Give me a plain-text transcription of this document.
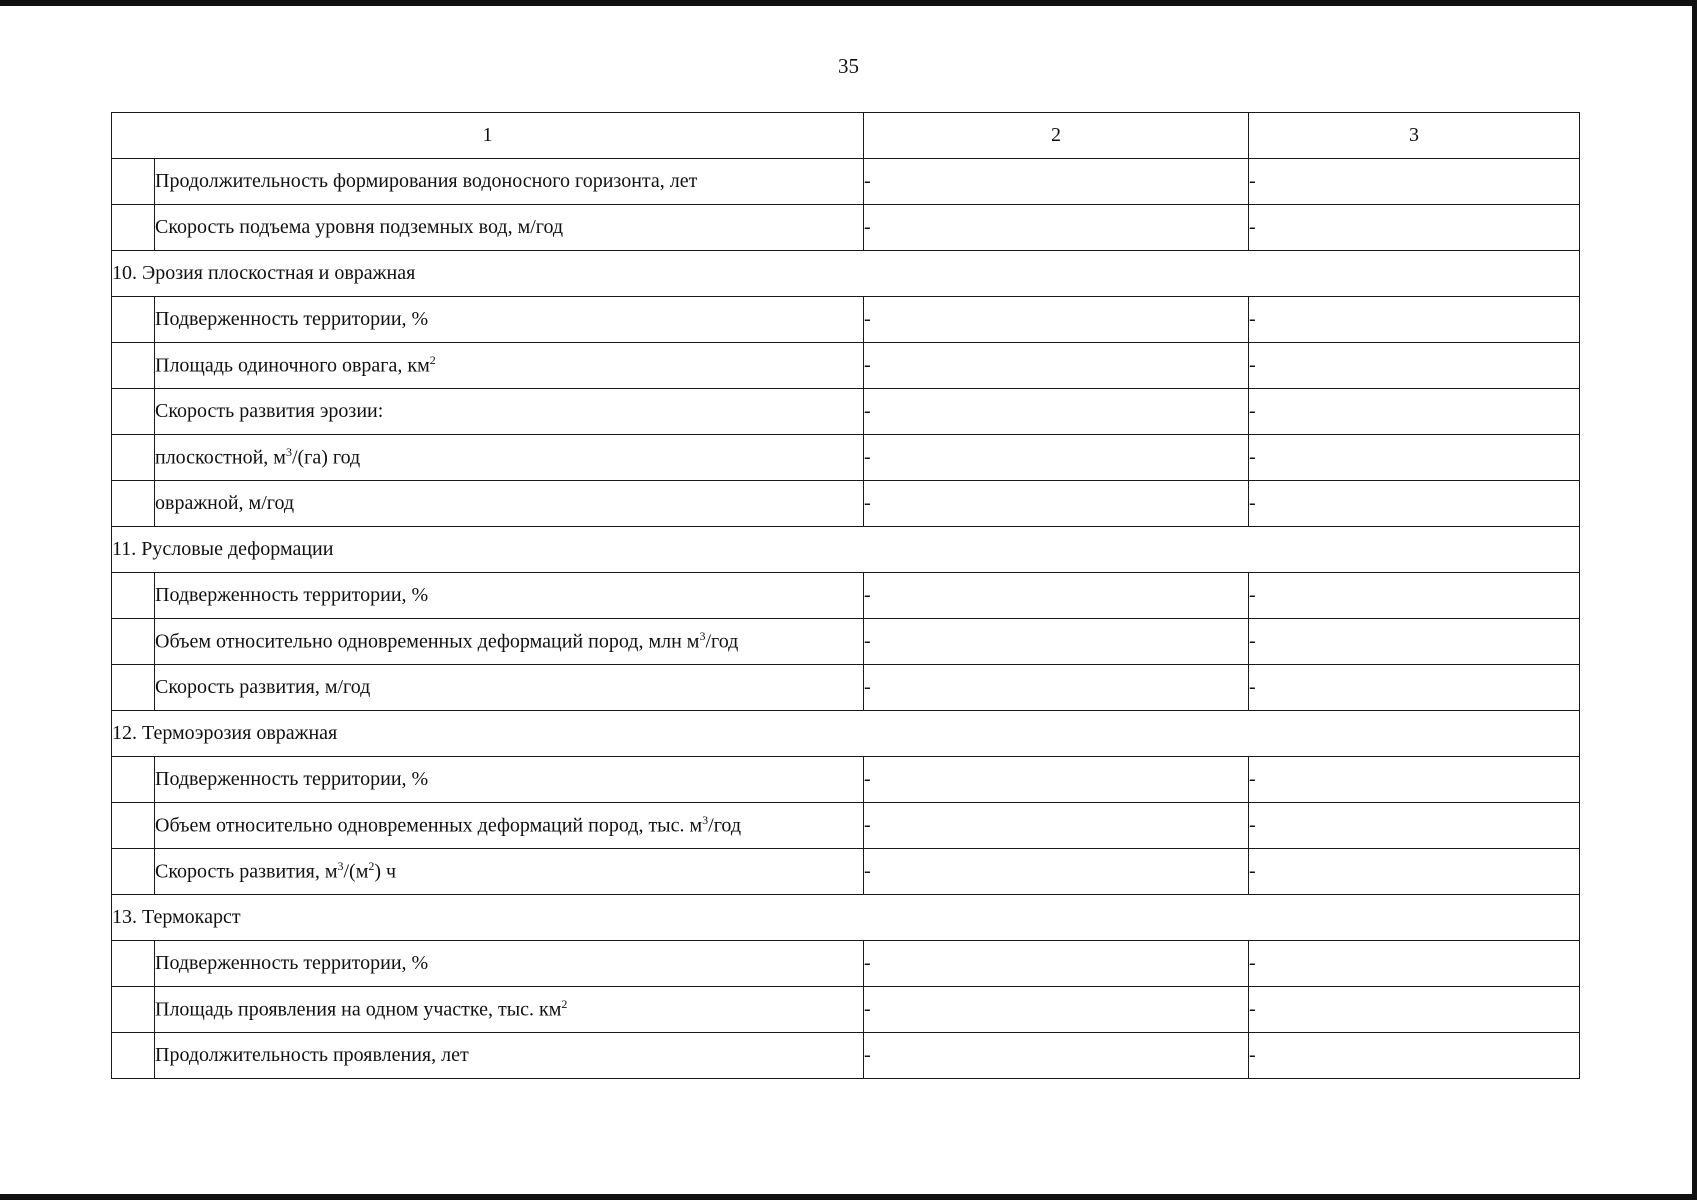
35
1		2	3
	Продолжительность формирования водоносного горизонта, лет	-	-
	Скорость подъема уровня подземных вод, м/год	-	-
10. Эрозия плоскостная и овражная			
	Подверженность территории, %	-	-
	Площадь одиночного оврага, $км^2$	-	-
	Скорость развития эрозии:	-	-
	плоскостной, $м^3/(га)$ год	-	-
	овражной, м/год	-	-
11. Русловые деформации			
	Подверженность территории, %	-	-
	Объем относительно одновременных деформаций пород, млн $м^3$/год	-	-
	Скорость развития, м/год	-	-
12. Термоэрозия овражная			
	Подверженность территории, %	-	-
	Объем относительно одновременных деформаций пород, тыс. $м^3$/год	-	-
	Скорость развития, $м^3/(м^2)$ ч	-	-
13. Термокарст			
	Подверженность территории, %	-	-
	Площадь проявления на одном участке, тыс. $км^2$	-	-
	Продолжительность проявления, лет	-	-
